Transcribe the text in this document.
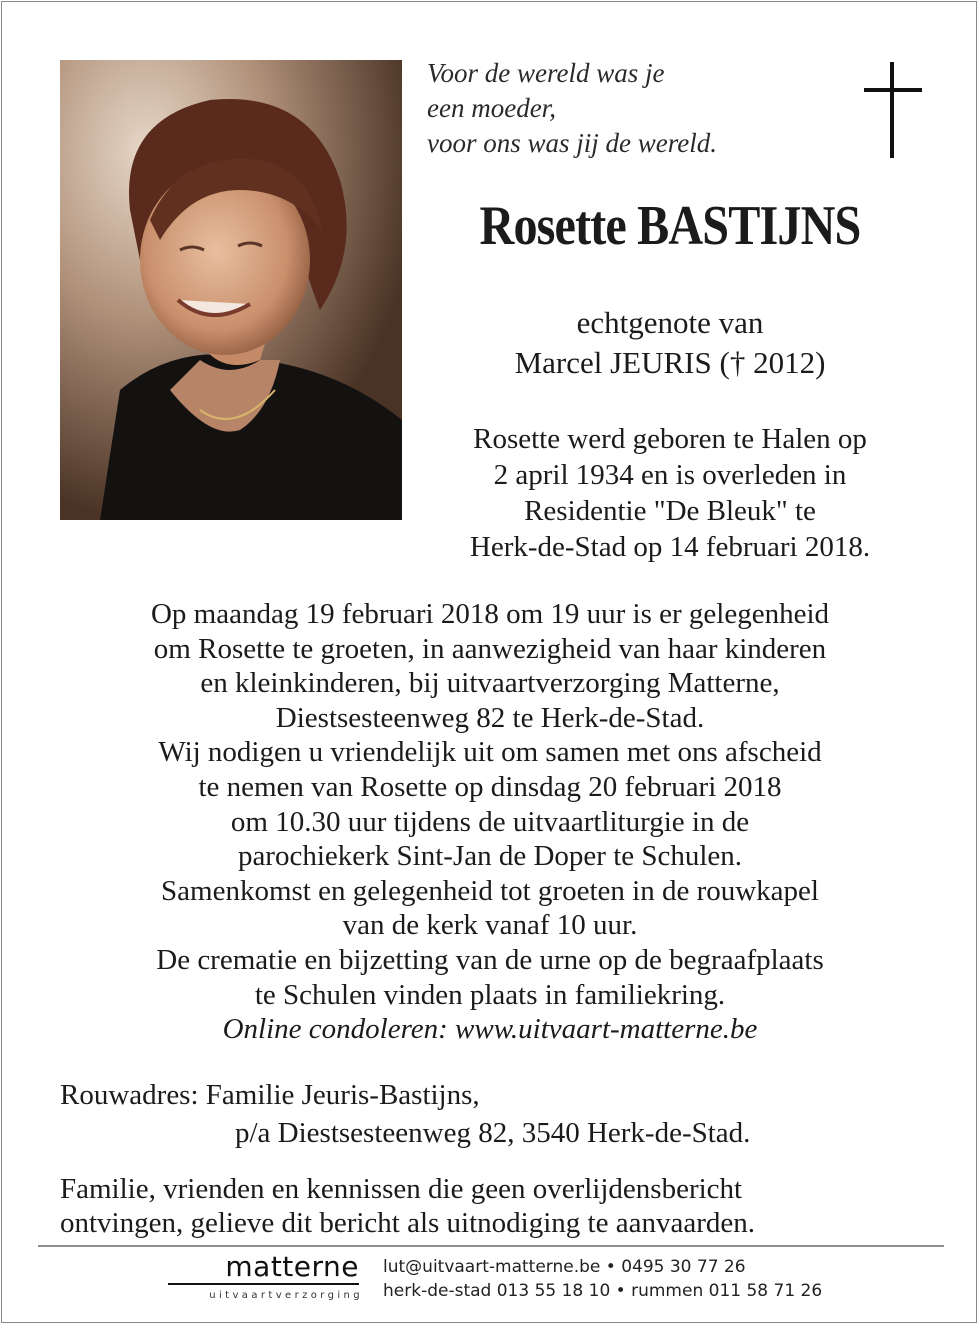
Voor de wereld was je
een moeder,
voor ons was jij de wereld.
Rosette BASTIJNS
echtgenote van
Marcel JEURIS († 2012)
Rosette werd geboren te Halen op
2 april 1934 en is overleden in
Residentie "De Bleuk" te
Herk-de-Stad op 14 februari 2018.
Op maandag 19 februari 2018 om 19 uur is er gelegenheid
om Rosette te groeten, in aanwezigheid van haar kinderen
en kleinkinderen, bij uitvaartverzorging Matterne,
Diestsesteenweg 82 te Herk-de-Stad.
Wij nodigen u vriendelijk uit om samen met ons afscheid
te nemen van Rosette op dinsdag 20 februari 2018
om 10.30 uur tijdens de uitvaartliturgie in de
parochiekerk Sint-Jan de Doper te Schulen.
Samenkomst en gelegenheid tot groeten in de rouwkapel
van de kerk vanaf 10 uur.
De crematie en bijzetting van de urne op de begraafplaats
te Schulen vinden plaats in familiekring.
Online condoleren: www.uitvaart-matterne.be
Rouwadres: Familie Jeuris-Bastijns,
p/a Diestsesteenweg 82, 3540 Herk-de-Stad.
Familie, vrienden en kennissen die geen overlijdensbericht
ontvingen, gelieve dit bericht als uitnodiging te aanvaarden.
matterne
uitvaartverzorging
lut@uitvaart-matterne.be • 0495 30 77 26
herk-de-stad 013 55 18 10 • rummen 011 58 71 26
